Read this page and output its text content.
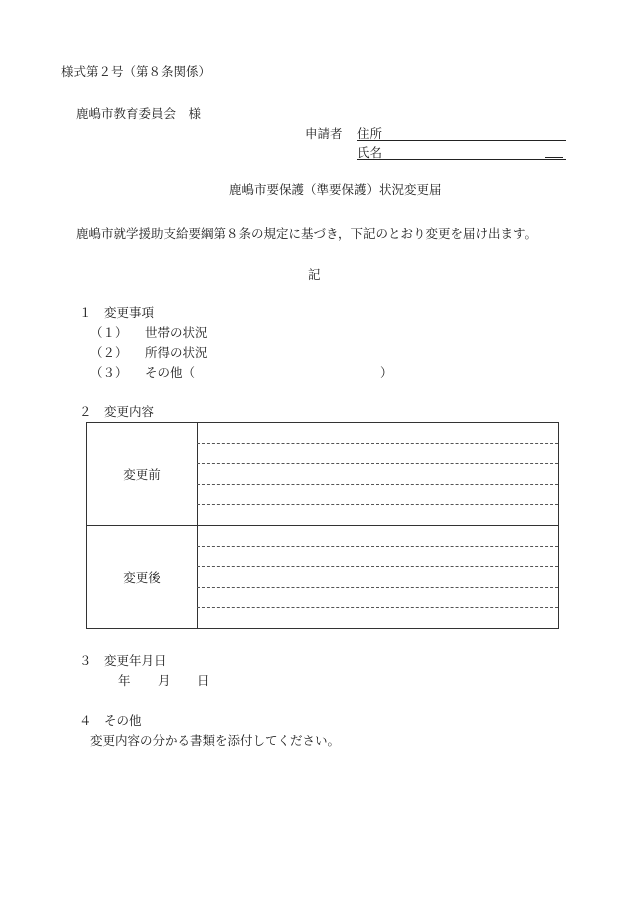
様式第２号（第８条関係）
鹿嶋市教育委員会　様
申請者 住所
氏名
鹿嶋市要保護（準要保護）状況変更届
鹿嶋市就学援助支給要綱第８条の規定に基づき，下記のとおり変更を届け出ます。
記
１　変更事項
（１） 世帯の状況
（２） 所得の状況
（３） その他（	）
２　変更内容
変更前
変更後
３　変更年月日
年 月 日
４　その他
変更内容の分かる書類を添付してください。
